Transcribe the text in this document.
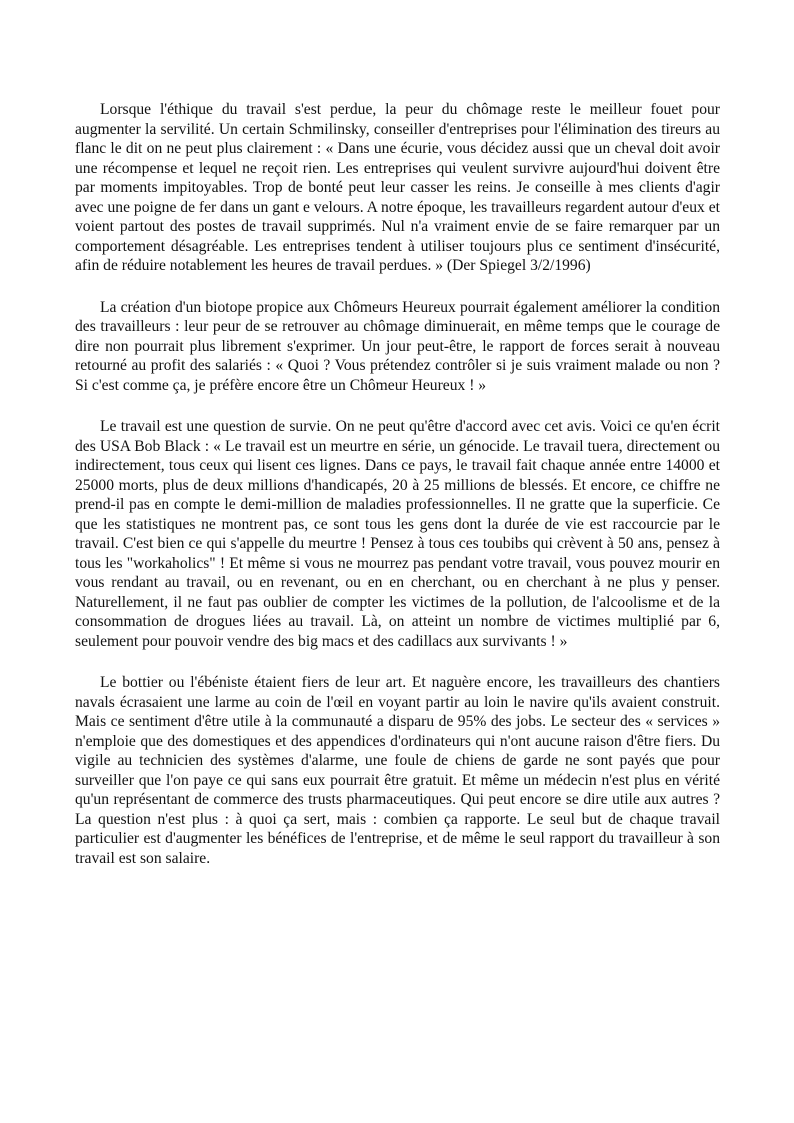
Lorsque l'éthique du travail s'est perdue, la peur du chômage reste le meilleur fouet pour augmenter la servilité. Un certain Schmilinsky, conseiller d'entreprises pour l'élimination des tireurs au flanc le dit on ne peut plus clairement : « Dans une écurie, vous décidez aussi que un cheval doit avoir une récompense et lequel ne reçoit rien. Les entreprises qui veulent survivre aujourd'hui doivent être par moments impitoyables. Trop de bonté peut leur casser les reins. Je conseille à mes clients d'agir avec une poigne de fer dans un gant e velours. A notre époque, les travailleurs regardent autour d'eux et voient partout des postes de travail supprimés. Nul n'a vraiment envie de se faire remarquer par un comportement désagréable. Les entreprises tendent à utiliser toujours plus ce sentiment d'insécurité, afin de réduire notablement les heures de travail perdues. » (Der Spiegel 3/2/1996)

La création d'un biotope propice aux Chômeurs Heureux pourrait également améliorer la condition des travailleurs : leur peur de se retrouver au chômage diminuerait, en même temps que le courage de dire non pourrait plus librement s'exprimer. Un jour peut-être, le rapport de forces serait à nouveau retourné au profit des salariés : « Quoi ? Vous prétendez contrôler si je suis vraiment malade ou non ? Si c'est comme ça, je préfère encore être un Chômeur Heureux ! »

Le travail est une question de survie. On ne peut qu'être d'accord avec cet avis. Voici ce qu'en écrit des USA Bob Black : « Le travail est un meurtre en série, un génocide. Le travail tuera, directement ou indirectement, tous ceux qui lisent ces lignes. Dans ce pays, le travail fait chaque année entre 14000 et 25000 morts, plus de deux millions d'handicapés, 20 à 25 millions de blessés. Et encore, ce chiffre ne prend-il pas en compte le demi-million de maladies professionnelles. Il ne gratte que la superficie. Ce que les statistiques ne montrent pas, ce sont tous les gens dont la durée de vie est raccourcie par le travail. C'est bien ce qui s'appelle du meurtre ! Pensez à tous ces toubibs qui crèvent à 50 ans, pensez à tous les "workaholics" ! Et même si vous ne mourrez pas pendant votre travail, vous pouvez mourir en vous rendant au travail, ou en revenant, ou en en cherchant, ou en cherchant à ne plus y penser. Naturellement, il ne faut pas oublier de compter les victimes de la pollution, de l'alcoolisme et de la consommation de drogues liées au travail. Là, on atteint un nombre de victimes multiplié par 6, seulement pour pouvoir vendre des big macs et des cadillacs aux survivants ! »

Le bottier ou l'ébéniste étaient fiers de leur art. Et naguère encore, les travailleurs des chantiers navals écrasaient une larme au coin de l'œil en voyant partir au loin le navire qu'ils avaient construit. Mais ce sentiment d'être utile à la communauté a disparu de 95% des jobs. Le secteur des « services » n'emploie que des domestiques et des appendices d'ordinateurs qui n'ont aucune raison d'être fiers. Du vigile au technicien des systèmes d'alarme, une foule de chiens de garde ne sont payés que pour surveiller que l'on paye ce qui sans eux pourrait être gratuit. Et même un médecin n'est plus en vérité qu'un représentant de commerce des trusts pharmaceutiques. Qui peut encore se dire utile aux autres ? La question n'est plus : à quoi ça sert, mais : combien ça rapporte. Le seul but de chaque travail particulier est d'augmenter les bénéfices de l'entreprise, et de même le seul rapport du travailleur à son travail est son salaire.
